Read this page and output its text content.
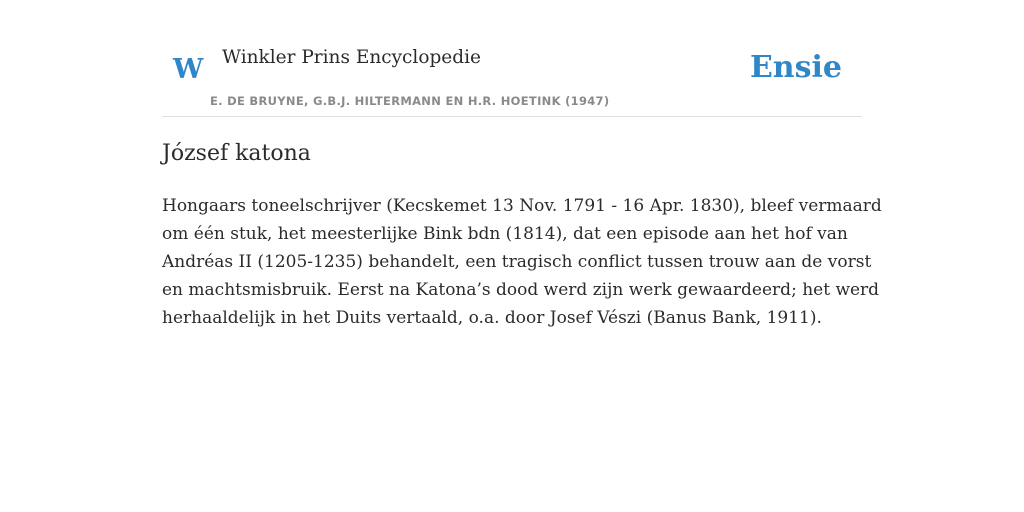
W Winkler Prins Encyclopedie
E. DE BRUYNE, G.B.J. HILTERMANN EN H.R. HOETINK (1947)
Ensie
József katona

Hongaars toneelschrijver (Kecskemet 13 Nov. 1791 - 16 Apr. 1830), bleef vermaard
om één stuk, het meesterlijke Bink bdn (1814), dat een episode aan het hof van
Andréas II (1205-1235) behandelt, een tragisch conflict tussen trouw aan de vorst
en machtsmisbruik. Eerst na Katona’s dood werd zijn werk gewaardeerd; het werd
herhaaldelijk in het Duits vertaald, o.a. door Josef Vészi (Banus Bank, 1911).
